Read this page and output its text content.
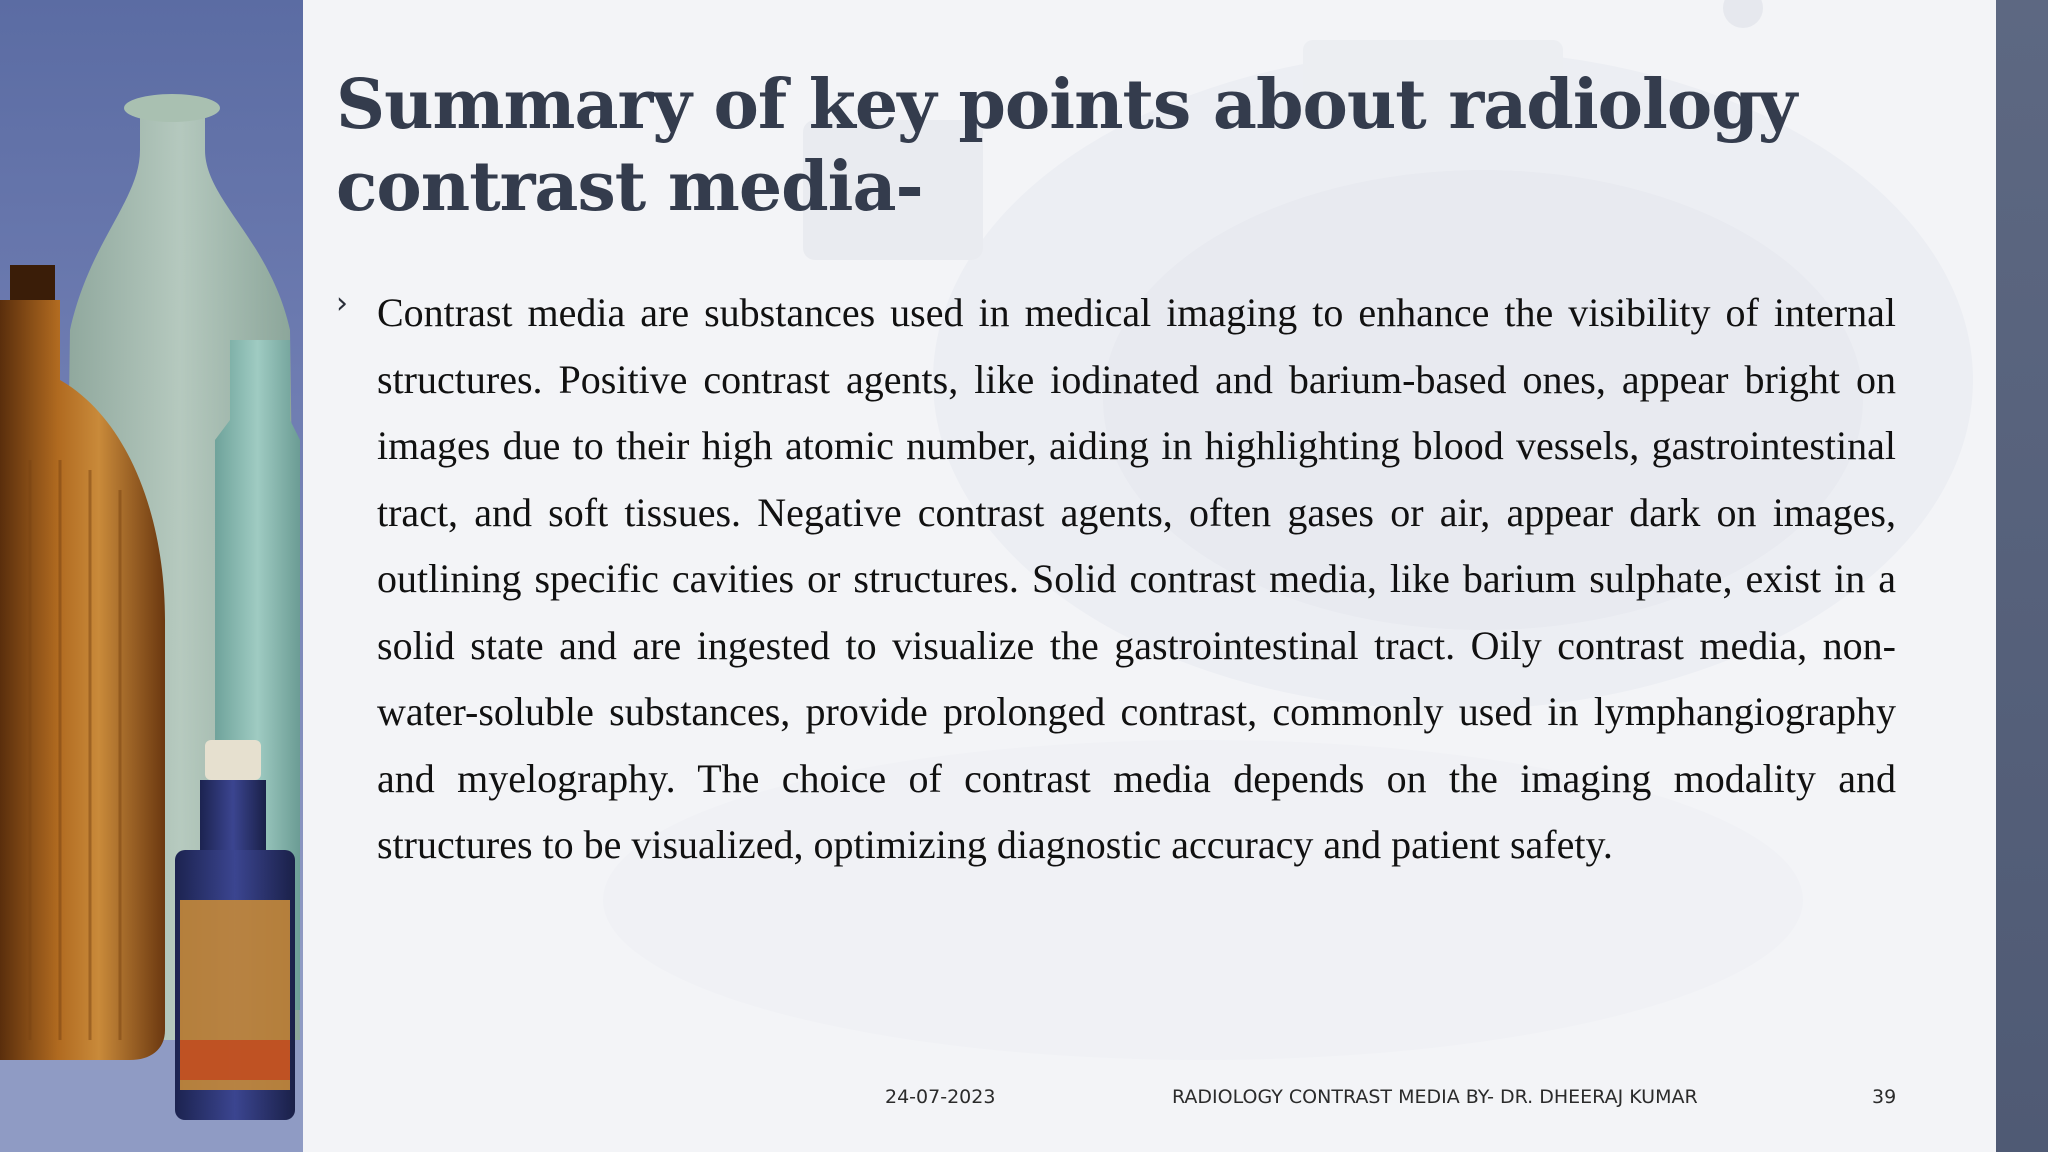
Summary of key points about radiology contrast media-
› Contrast media are substances used in medical imaging to enhance the visibility of internal structures. Positive contrast agents, like iodinated and barium-based ones, appear bright on images due to their high atomic number, aiding in highlighting blood vessels, gastrointestinal tract, and soft tissues. Negative contrast agents, often gases or air, appear dark on images, outlining specific cavities or structures. Solid contrast media, like barium sulphate, exist in a solid state and are ingested to visualize the gastrointestinal tract. Oily contrast media, non-water-soluble substances, provide prolonged contrast, commonly used in lymphangiography and myelography. The choice of contrast media depends on the imaging modality and structures to be visualized, optimizing diagnostic accuracy and patient safety.

24-07-2023	RADIOLOGY CONTRAST MEDIA BY- DR. DHEERAJ KUMAR	39
